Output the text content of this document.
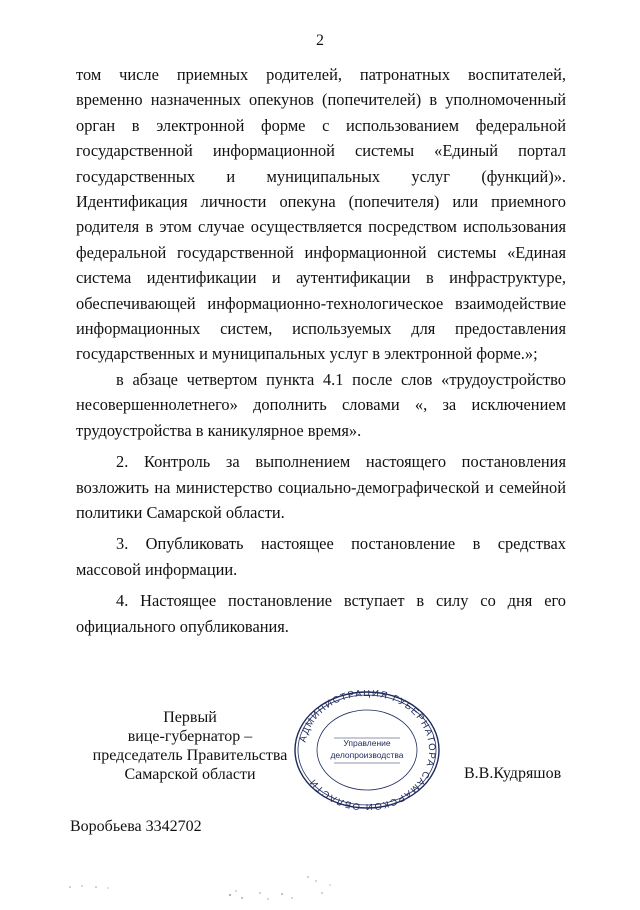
2

том числе приемных родителей, патронатных воспитателей, временно назначенных опекунов (попечителей) в уполномоченный орган в электронной форме с использованием федеральной государственной информационной системы «Единый портал государственных и муниципальных услуг (функций)». Идентификация личности опекуна (попечителя) или приемного родителя в этом случае осуществляется посредством использования федеральной государственной информационной системы «Единая система идентификации и аутентификации в инфраструктуре, обеспечивающей информационно-технологическое взаимодействие информационных систем, используемых для предоставления государственных и муниципальных услуг в электронной форме.»;

в абзаце четвертом пункта 4.1 после слов «трудоустройство несовершеннолетнего» дополнить словами «, за исключением трудоустройства в каникулярное время».

2. Контроль за выполнением настоящего постановления возложить на министерство социально-демографической и семейной политики Самарской области.

3. Опубликовать настоящее постановление в средствах массовой информации.

4. Настоящее постановление вступает в силу со дня его официального опубликования.

Первый
вице-губернатор –
председатель Правительства
Самарской области
АДМИНИСТРАЦИЯ ГУБЕРНАТОРА САМАРСКОЙ ОБЛАСТИ
Управление
делопроизводства
В.В.Кудряшов
Воробьева 3342702
